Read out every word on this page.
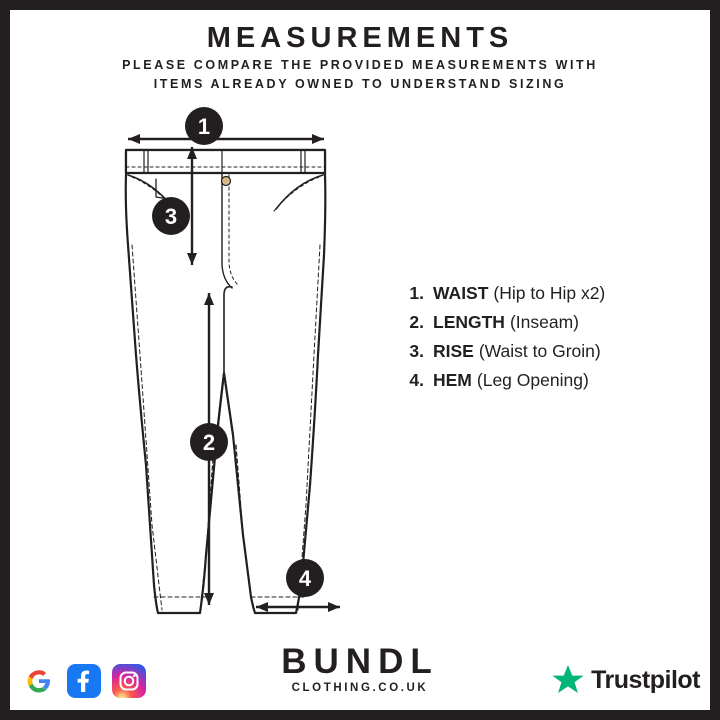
MEASUREMENTS
PLEASE COMPARE THE PROVIDED MEASUREMENTS WITH
ITEMS ALREADY OWNED TO UNDERSTAND SIZING
1
3
2
4
1. WAIST (Hip to Hip x2)
2. LENGTH (Inseam)
3. RISE (Waist to Groin)
4. HEM (Leg Opening)
BUNDL
CLOTHING.CO.UK	Trustpilot
